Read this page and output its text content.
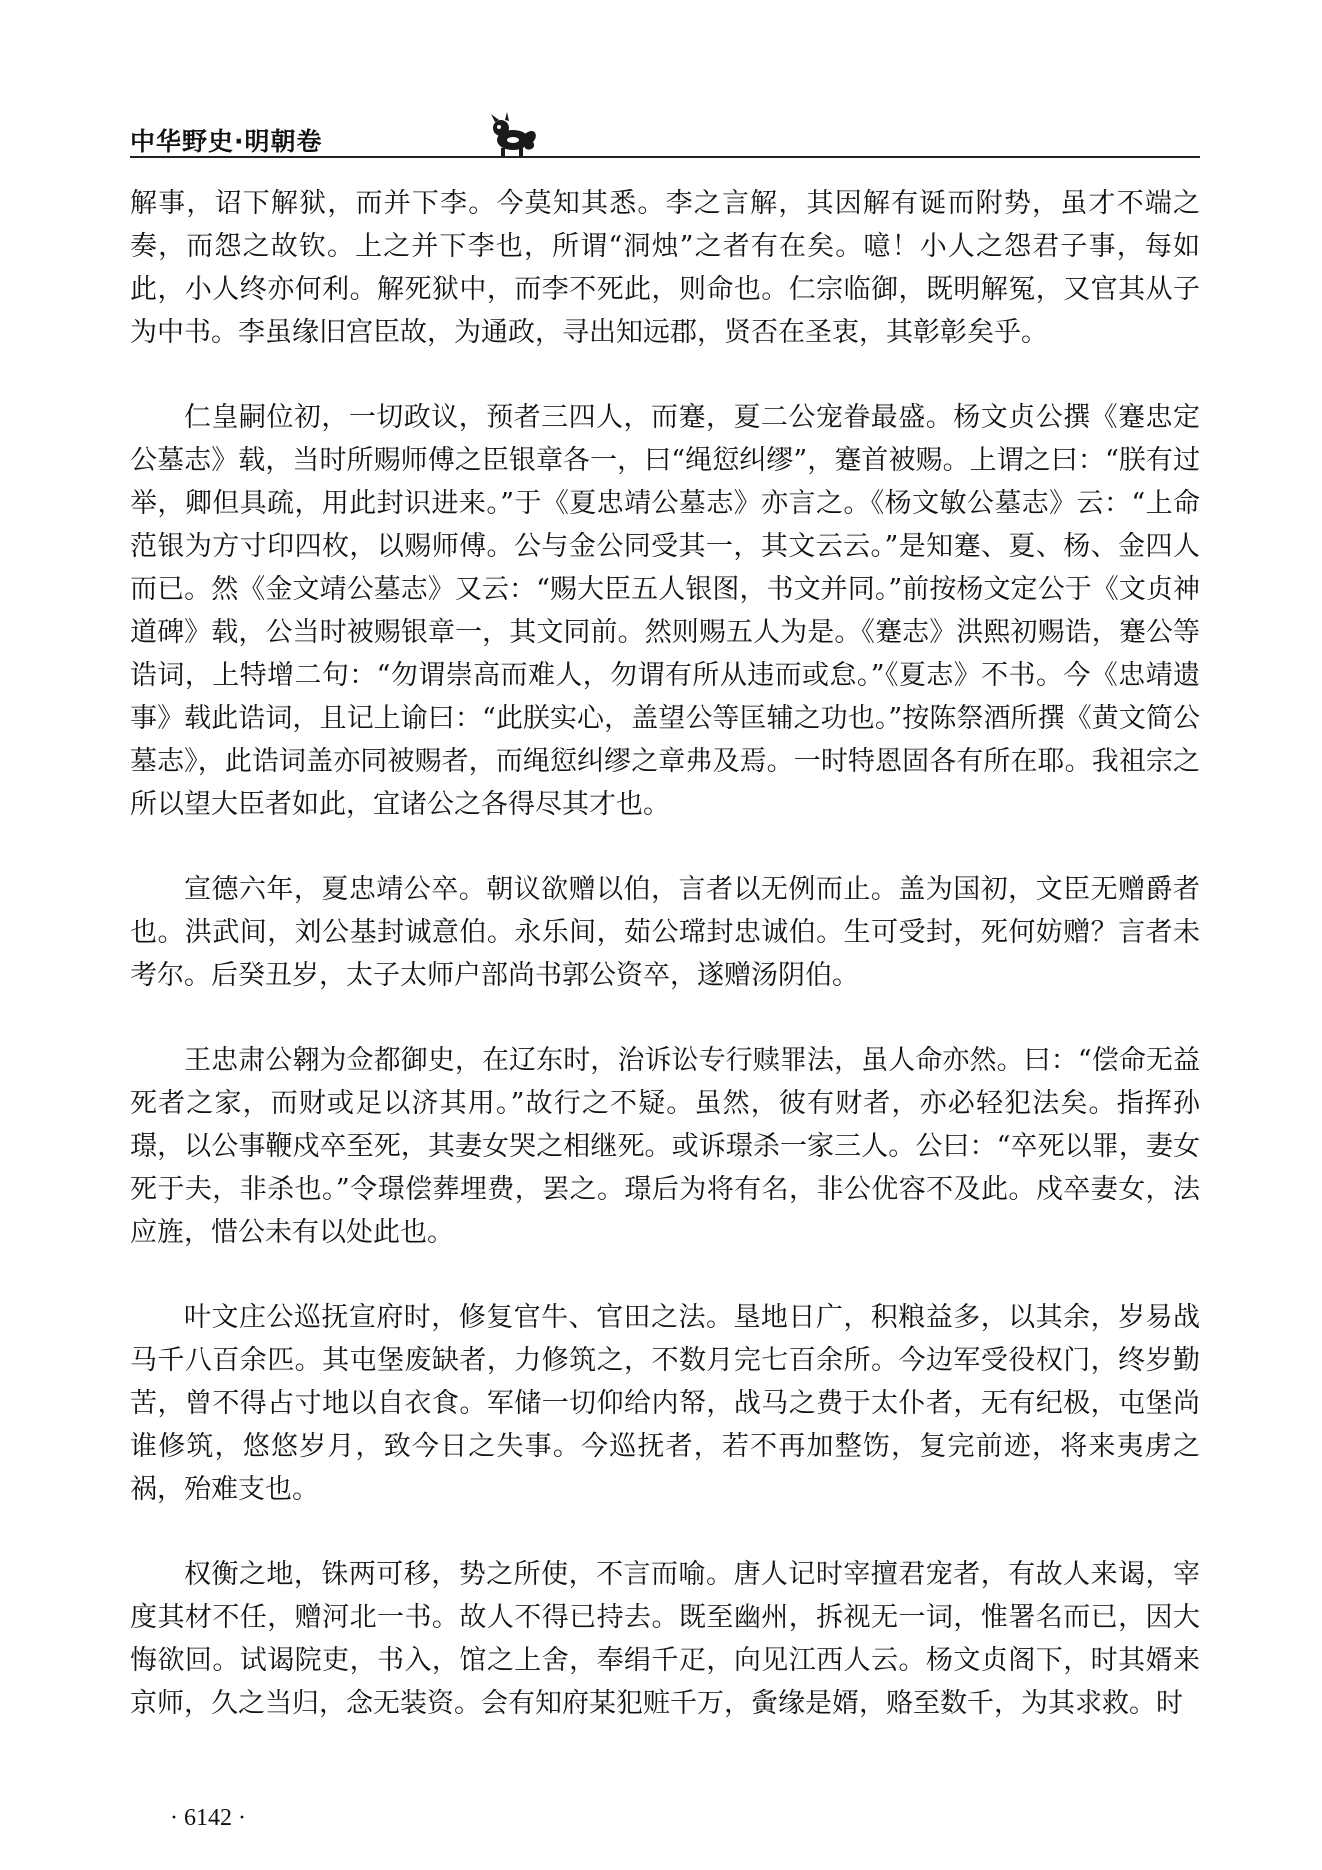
中华野史·明朝卷

解事，诏下解狱，而并下李。今莫知其悉。李之言解，其因解有诞而附势，虽才不端之奏，而怨之故钦。上之并下李也，所谓“洞烛”之者有在矣。噫！小人之怨君子事，每如此，小人终亦何利。解死狱中，而李不死此，则命也。仁宗临御，既明解冤，又官其从子为中书。李虽缘旧宫臣故，为通政，寻出知远郡，贤否在圣衷，其彰彰矣乎。

仁皇嗣位初，一切政议，预者三四人，而蹇，夏二公宠眷最盛。杨文贞公撰《蹇忠定公墓志》载，当时所赐师傅之臣银章各一，曰“绳愆纠缪”，蹇首被赐。上谓之曰：“朕有过举，卿但具疏，用此封识进来。”于《夏忠靖公墓志》亦言之。《杨文敏公墓志》云：“上命范银为方寸印四枚，以赐师傅。公与金公同受其一，其文云云。”是知蹇、夏、杨、金四人而已。然《金文靖公墓志》又云：“赐大臣五人银图，书文并同。”前按杨文定公于《文贞神道碑》载，公当时被赐银章一，其文同前。然则赐五人为是。《蹇志》洪熙初赐诰，蹇公等诰词，上特增二句：“勿谓崇高而难人，勿谓有所从违而或怠。”《夏志》不书。今《忠靖遗事》载此诰词，且记上谕曰：“此朕实心，盖望公等匡辅之功也。”按陈祭酒所撰《黄文简公墓志》，此诰词盖亦同被赐者，而绳愆纠缪之章弗及焉。一时特恩固各有所在耶。我祖宗之所以望大臣者如此，宜诸公之各得尽其才也。

宣德六年，夏忠靖公卒。朝议欲赠以伯，言者以无例而止。盖为国初，文臣无赠爵者也。洪武间，刘公基封诚意伯。永乐间，茹公瑺封忠诚伯。生可受封，死何妨赠？言者未考尔。后癸丑岁，太子太师户部尚书郭公资卒，遂赠汤阴伯。

王忠肃公翱为佥都御史，在辽东时，治诉讼专行赎罪法，虽人命亦然。曰：“偿命无益死者之家，而财或足以济其用。”故行之不疑。虽然，彼有财者，亦必轻犯法矣。指挥孙璟，以公事鞭戍卒至死，其妻女哭之相继死。或诉璟杀一家三人。公曰：“卒死以罪，妻女死于夫，非杀也。”令璟偿葬埋费，罢之。璟后为将有名，非公优容不及此。戍卒妻女，法应旌，惜公未有以处此也。

叶文庄公巡抚宣府时，修复官牛、官田之法。垦地日广，积粮益多，以其余，岁易战马千八百余匹。其屯堡废缺者，力修筑之，不数月完七百余所。今边军受役权门，终岁勤苦，曾不得占寸地以自衣食。军储一切仰给内帑，战马之费于太仆者，无有纪极，屯堡尚谁修筑，悠悠岁月，致今日之失事。今巡抚者，若不再加整饬，复完前迹，将来夷虏之祸，殆难支也。

权衡之地，铢两可移，势之所使，不言而喻。唐人记时宰擅君宠者，有故人来谒，宰度其材不任，赠河北一书。故人不得已持去。既至幽州，拆视无一词，惟署名而已，因大悔欲回。试谒院吏，书入，馆之上舍，奉绢千疋，向见江西人云。杨文贞阁下，时其婿来京师，久之当归，念无装资。会有知府某犯赃千万，夤缘是婿，赂至数千，为其求救。时

· 6142 ·
